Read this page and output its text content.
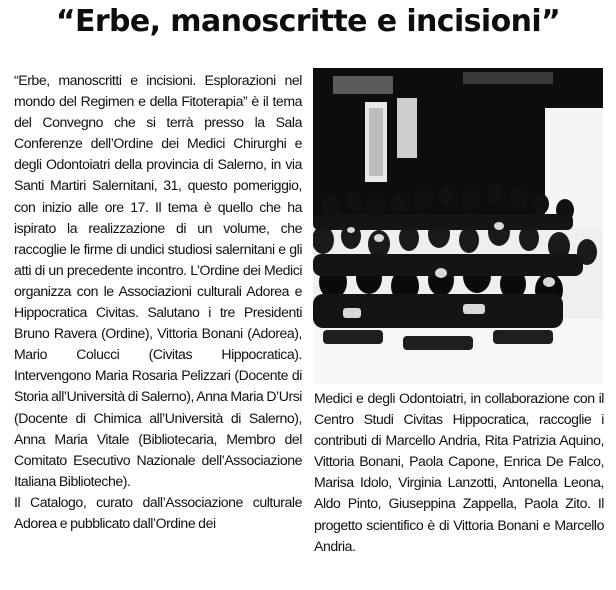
“Erbe, manoscritte e incisioni”

“Erbe, manoscritti e incisioni. Esplorazioni nel mondo del Regimen e della Fitoterapia” è il tema del Convegno che si terrà presso la Sala Conferenze dell’Ordine dei Medici Chirurghi e degli Odontoiatri della provincia di Salerno, in via Santi Martiri Salernitani, 31, questo pomeriggio, con inizio alle ore 17. Il tema è quello che ha ispirato la realizzazione di un volume, che raccoglie le firme di undici studiosi salernitani e gli atti di un precedente incontro. L’Ordine dei Medici organizza con le Associazioni culturali Adorea e Hippocratica Civitas. Salutano i tre Presidenti Bruno Ravera (Ordine), Vittoria Bonani (Adorea), Mario Colucci (Civitas Hippocratica). Intervengono Maria Rosaria Pelizzari (Docente di Storia all’Università di Salerno), Anna Maria D’Ursi (Docente di Chimica all’Università di Salerno), Anna Maria Vitale (Bibliotecaria, Membro del Comitato Esecutivo Nazionale dell’Associazione Italiana Biblioteche).

Il Catalogo, curato dall’Associazione culturale Adorea e pubblicato dall’Ordine dei

Medici e degli Odontoiatri, in collaborazione con il Centro Studi Civitas Hippocratica, raccoglie i contributi di Marcello Andria, Rita Patrizia Aquino, Vittoria Bonani, Paola Capone, Enrica De Falco, Marisa Idolo, Virginia Lanzotti, Antonella Leona, Aldo Pinto, Giuseppina Zappella, Paola Zito. Il progetto scientifico è di Vittoria Bonani e Marcello Andria.
